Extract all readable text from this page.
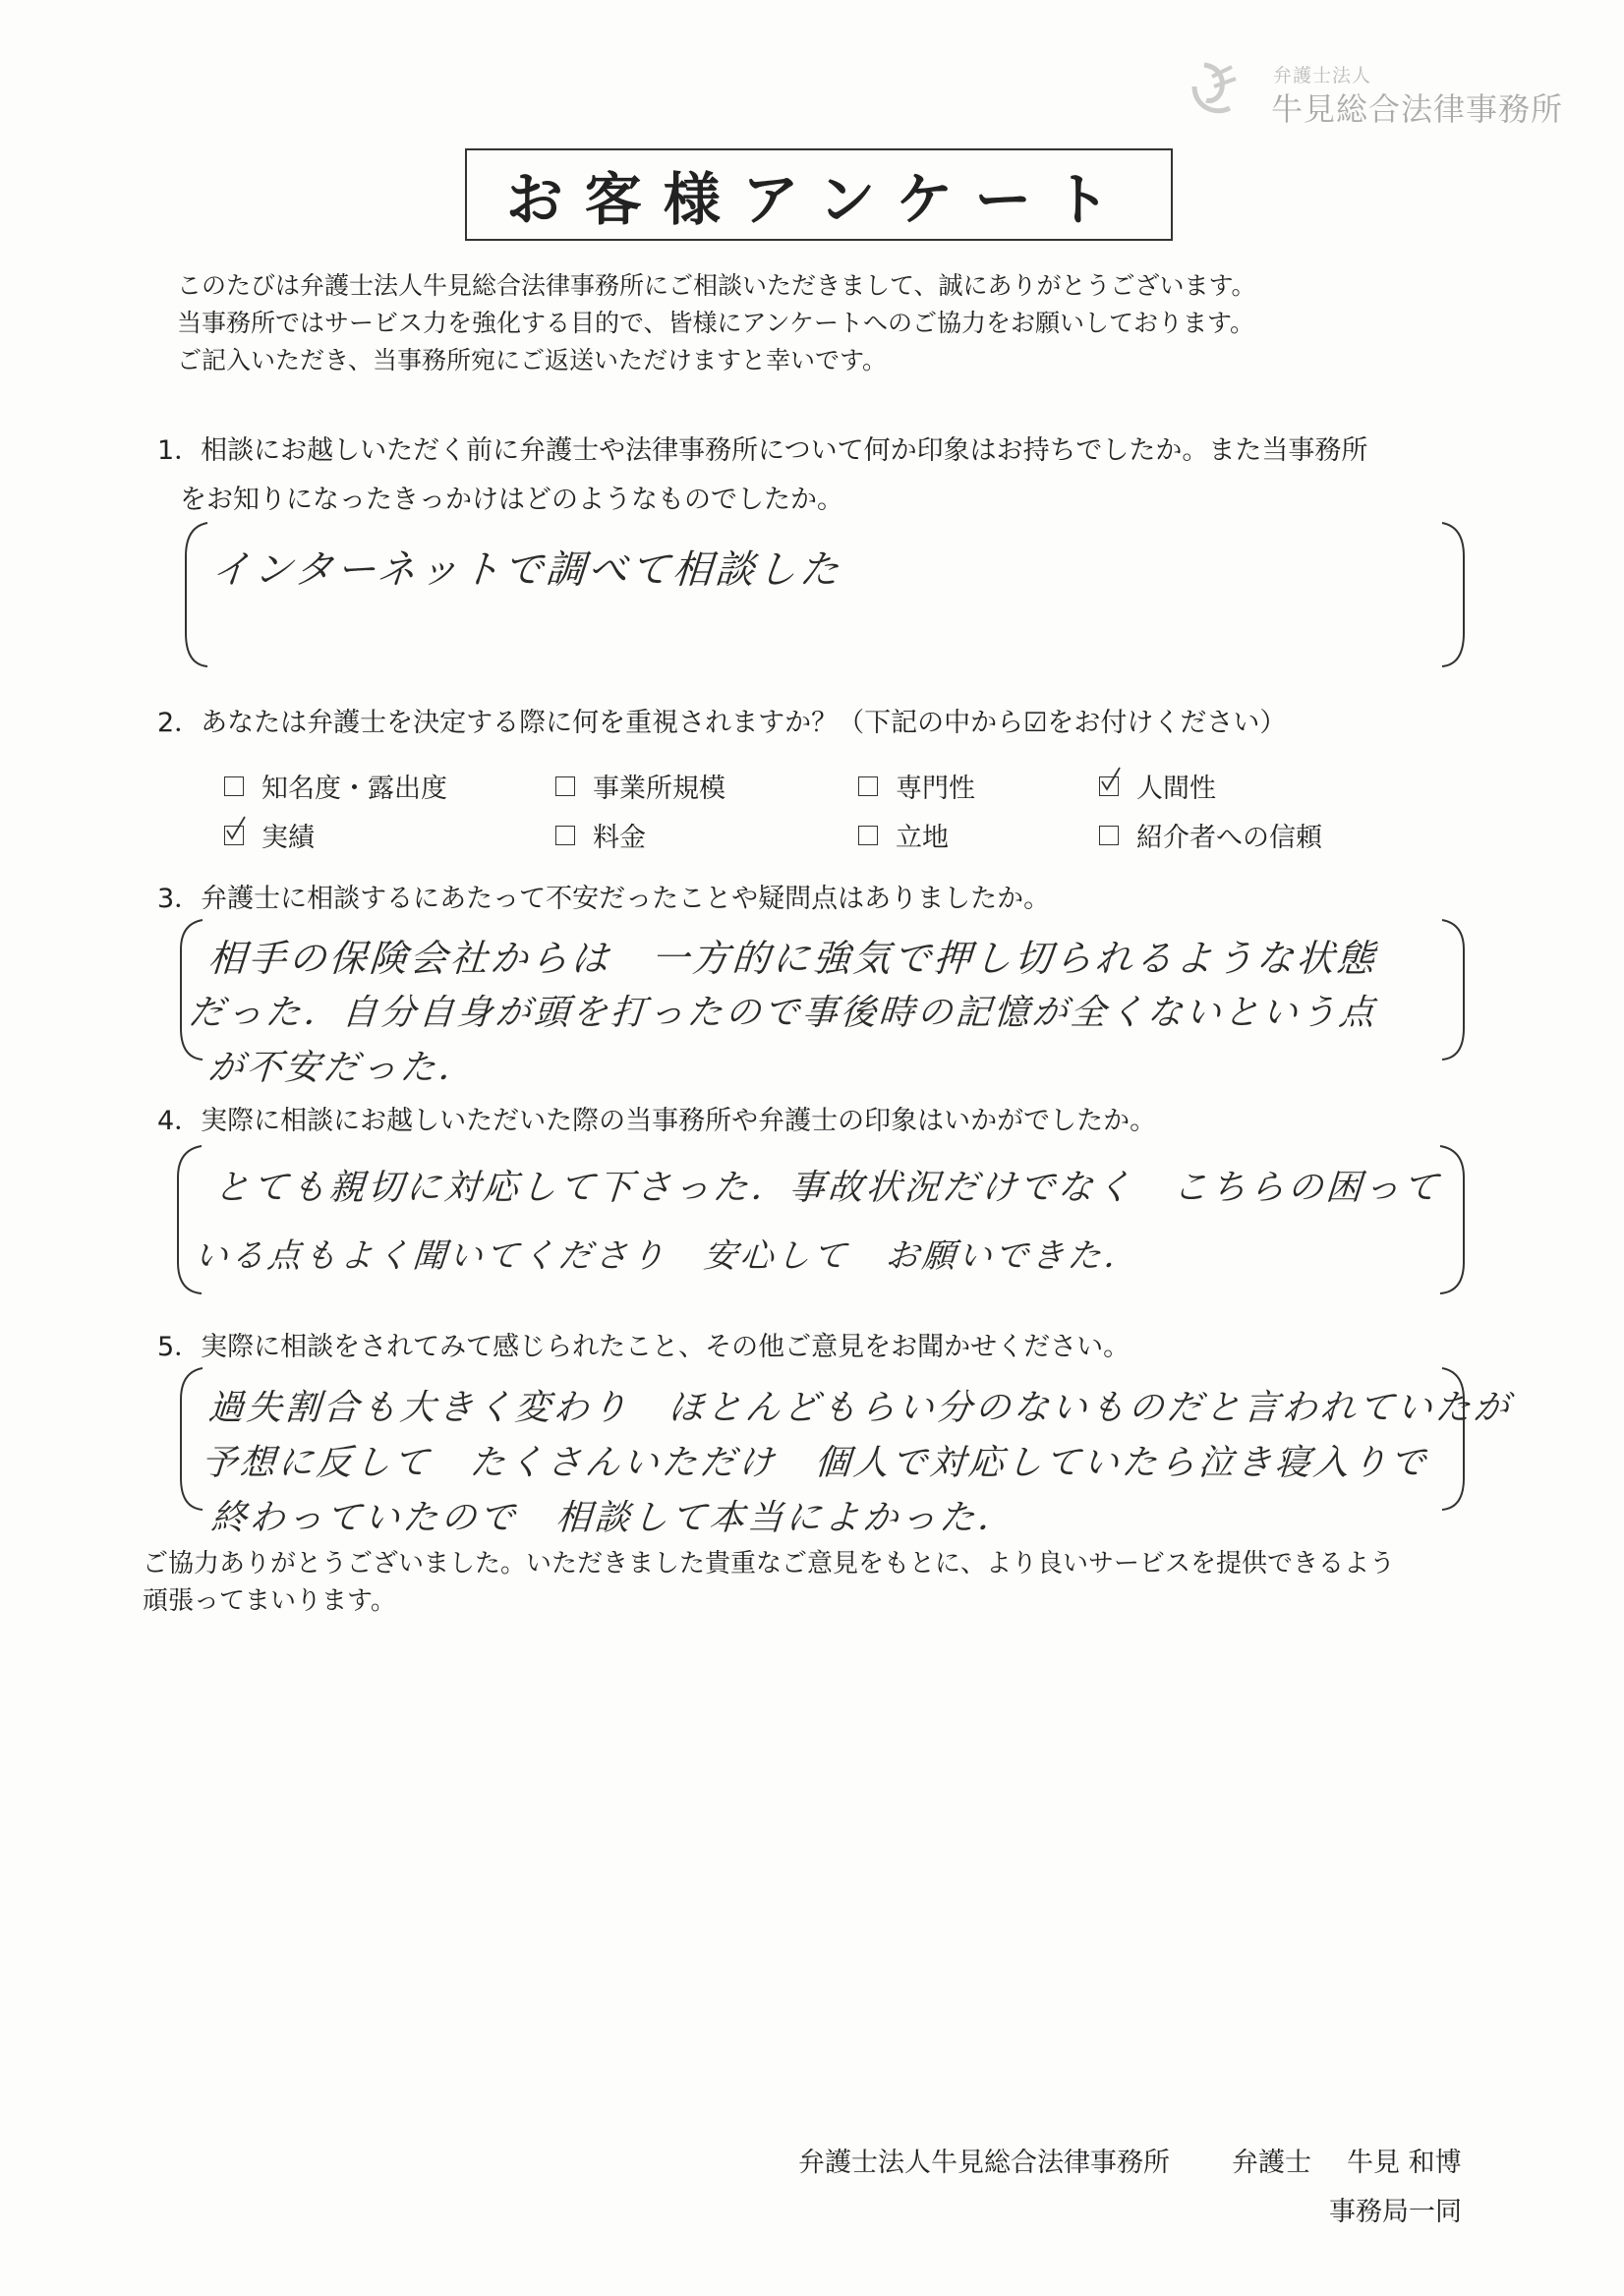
弁護士法人
牛見総合法律事務所
お客様アンケート
このたびは弁護士法人牛見総合法律事務所にご相談いただきまして、誠にありがとうございます。
当事務所ではサービス力を強化する目的で、皆様にアンケートへのご協力をお願いしております。
ご記入いただき、当事務所宛にご返送いただけますと幸いです。
1．相談にお越しいただく前に弁護士や法律事務所について何か印象はお持ちでしたか。また当事務所
をお知りになったきっかけはどのようなものでしたか。
インターネットで調べて相談した
2．あなたは弁護士を決定する際に何を重視されますか？（下記の中から☑をお付けください）
知名度・露出度	事業所規模	専門性	人間性
実績	料金	立地	紹介者への信頼
3．弁護士に相談するにあたって不安だったことや疑問点はありましたか。
相手の保険会社からは　一方的に強気で押し切られるような状態
だった．自分自身が頭を打ったので事後時の記憶が全くないという点
が不安だった．
4．実際に相談にお越しいただいた際の当事務所や弁護士の印象はいかがでしたか。
とても親切に対応して下さった．事故状況だけでなく　こちらの困って
いる点もよく聞いてくださり　安心して　お願いできた．
5．実際に相談をされてみて感じられたこと、その他ご意見をお聞かせください。
過失割合も大きく変わり　ほとんどもらい分のないものだと言われていたが
予想に反して　たくさんいただけ　個人で対応していたら泣き寝入りで
終わっていたので　相談して本当によかった．
ご協力ありがとうございました。いただきました貴重なご意見をもとに、より良いサービスを提供できるよう
頑張ってまいります。
弁護士法人牛見総合法律事務所 弁護士 牛見 和博
事務局一同
